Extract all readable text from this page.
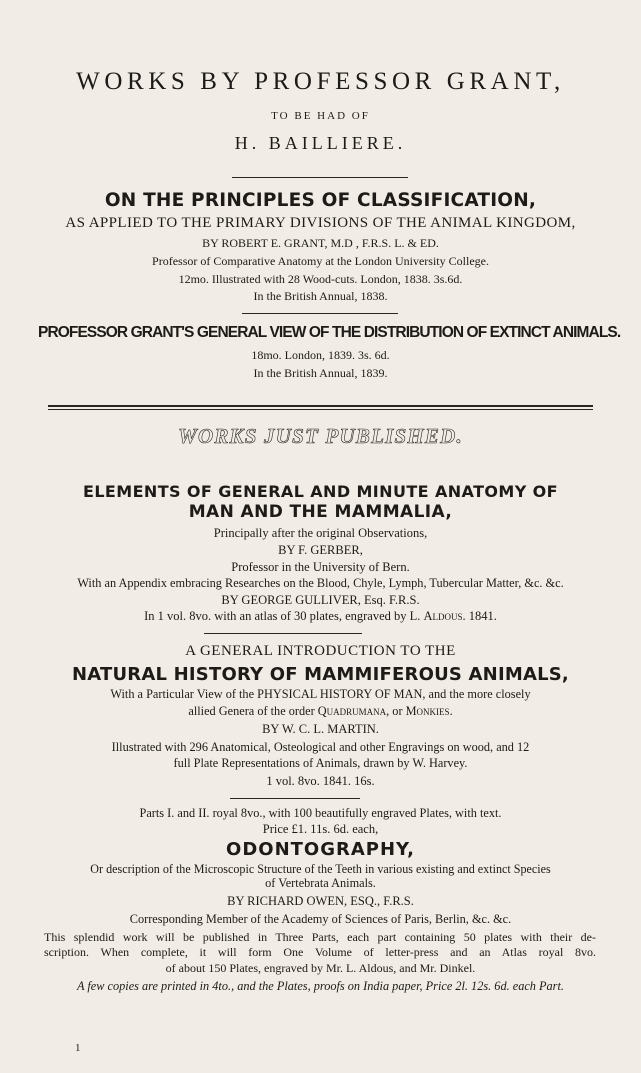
WORKS BY PROFESSOR GRANT,
TO BE HAD OF
H. BAILLIERE.
ON THE PRINCIPLES OF CLASSIFICATION,
AS APPLIED TO THE PRIMARY DIVISIONS OF THE ANIMAL KINGDOM,
BY ROBERT E. GRANT, M.D , F.R.S. L. & ED.
Professor of Comparative Anatomy at the London University College.
12mo. Illustrated with 28 Wood-cuts. London, 1838. 3s.6d.
In the British Annual, 1838.
PROFESSOR GRANT'S GENERAL VIEW OF THE DISTRIBUTION OF EXTINCT ANIMALS.
18mo. London, 1839. 3s. 6d.
In the British Annual, 1839.
WORKS JUST PUBLISHED.
ELEMENTS OF GENERAL AND MINUTE ANATOMY OF
MAN AND THE MAMMALIA,
Principally after the original Observations,
BY F. GERBER,
Professor in the University of Bern.
With an Appendix embracing Researches on the Blood, Chyle, Lymph, Tubercular Matter, &c. &c.
BY GEORGE GULLIVER, Esq. F.R.S.
In 1 vol. 8vo. with an atlas of 30 plates, engraved by L. Aldous. 1841.
A GENERAL INTRODUCTION TO THE
NATURAL HISTORY OF MAMMIFEROUS ANIMALS,
With a Particular View of the PHYSICAL HISTORY OF MAN, and the more closely
allied Genera of the order Quadrumana, or Monkies.
BY W. C. L. MARTIN.
Illustrated with 296 Anatomical, Osteological and other Engravings on wood, and 12
full Plate Representations of Animals, drawn by W. Harvey.
1 vol. 8vo. 1841. 16s.
Parts I. and II. royal 8vo., with 100 beautifully engraved Plates, with text.
Price £1. 11s. 6d. each,
ODONTOGRAPHY,
Or description of the Microscopic Structure of the Teeth in various existing and extinct Species
of Vertebrata Animals.
BY RICHARD OWEN, ESQ., F.R.S.
Corresponding Member of the Academy of Sciences of Paris, Berlin, &c. &c.
This splendid work will be published in Three Parts, each part containing 50 plates with their de-
scription. When complete, it will form One Volume of letter-press and an Atlas royal 8vo.
of about 150 Plates, engraved by Mr. L. Aldous, and Mr. Dinkel.
A few copies are printed in 4to., and the Plates, proofs on India paper, Price 2l. 12s. 6d. each Part.
1
